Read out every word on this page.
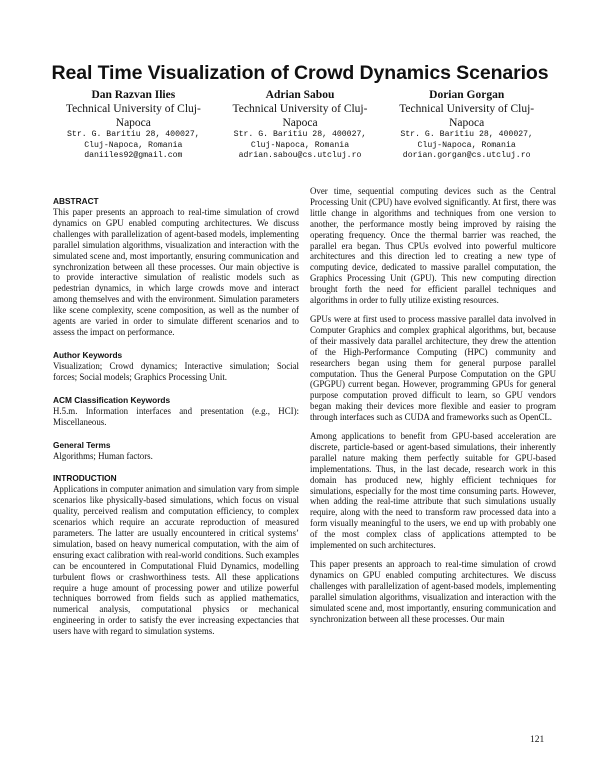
Real Time Visualization of Crowd Dynamics Scenarios
Dan Razvan Ilies
Technical University of Cluj-
Napoca
Str. G. Baritiu 28, 400027,
Cluj-Napoca, Romania
daniiles92@gmail.com
Adrian Sabou
Technical University of Cluj-
Napoca
Str. G. Baritiu 28, 400027,
Cluj-Napoca, Romania
adrian.sabou@cs.utcluj.ro
Dorian Gorgan
Technical University of Cluj-
Napoca
Str. G. Baritiu 28, 400027,
Cluj-Napoca, Romania
dorian.gorgan@cs.utcluj.ro
ABSTRACT

This paper presents an approach to real-time simulation of crowd dynamics on GPU enabled computing architectures. We discuss challenges with parallelization of agent-based models, implementing parallel simulation algorithms, visualization and interaction with the simulated scene and, most importantly, ensuring communication and synchronization between all these processes. Our main objective is to provide interactive simulation of realistic models such as pedestrian dynamics, in which large crowds move and interact among themselves and with the environment. Simulation parameters like scene complexity, scene composition, as well as the number of agents are varied in order to simulate different scenarios and to assess the impact on performance.

Author Keywords

Visualization; Crowd dynamics; Interactive simulation; Social forces; Social models; Graphics Processing Unit.

ACM Classification Keywords

H.5.m. Information interfaces and presentation (e.g., HCI): Miscellaneous.

General Terms

Algorithms; Human factors.

INTRODUCTION

Applications in computer animation and simulation vary from simple scenarios like physically-based simulations, which focus on visual quality, perceived realism and computation efficiency, to complex scenarios which require an accurate reproduction of measured parameters. The latter are usually encountered in critical systems’ simulation, based on heavy numerical computation, with the aim of ensuring exact calibration with real-world conditions. Such examples can be encountered in Computational Fluid Dynamics, modelling turbulent flows or crashworthiness tests. All these applications require a huge amount of processing power and utilize powerful techniques borrowed from fields such as applied mathematics, numerical analysis, computational physics or mechanical engineering in order to satisfy the ever increasing expectancies that users have with regard to simulation systems.

Over time, sequential computing devices such as the Central Processing Unit (CPU) have evolved significantly. At first, there was little change in algorithms and techniques from one version to another, the performance mostly being improved by raising the operating frequency. Once the thermal barrier was reached, the parallel era began. Thus CPUs evolved into powerful multicore architectures and this direction led to creating a new type of computing device, dedicated to massive parallel computation, the Graphics Processing Unit (GPU). This new computing direction brought forth the need for efficient parallel techniques and algorithms in order to fully utilize existing resources.

GPUs were at first used to process massive parallel data involved in Computer Graphics and complex graphical algorithms, but, because of their massively data parallel architecture, they drew the attention of the High-Performance Computing (HPC) community and researchers began using them for general purpose parallel computation. Thus the General Purpose Computation on the GPU (GPGPU) current began. However, programming GPUs for general purpose computation proved difficult to learn, so GPU vendors began making their devices more flexible and easier to program through interfaces such as CUDA and frameworks such as OpenCL.

Among applications to benefit from GPU-based acceleration are discrete, particle-based or agent-based simulations, their inherently parallel nature making them perfectly suitable for GPU-based implementations. Thus, in the last decade, research work in this domain has produced new, highly efficient techniques for simulations, especially for the most time consuming parts. However, when adding the real-time attribute that such simulations usually require, along with the need to transform raw processed data into a form visually meaningful to the users, we end up with probably one of the most complex class of applications attempted to be implemented on such architectures.

This paper presents an approach to real-time simulation of crowd dynamics on GPU enabled computing architectures. We discuss challenges with parallelization of agent-based models, implementing parallel simulation algorithms, visualization and interaction with the simulated scene and, most importantly, ensuring communication and synchronization between all these processes. Our main

121
